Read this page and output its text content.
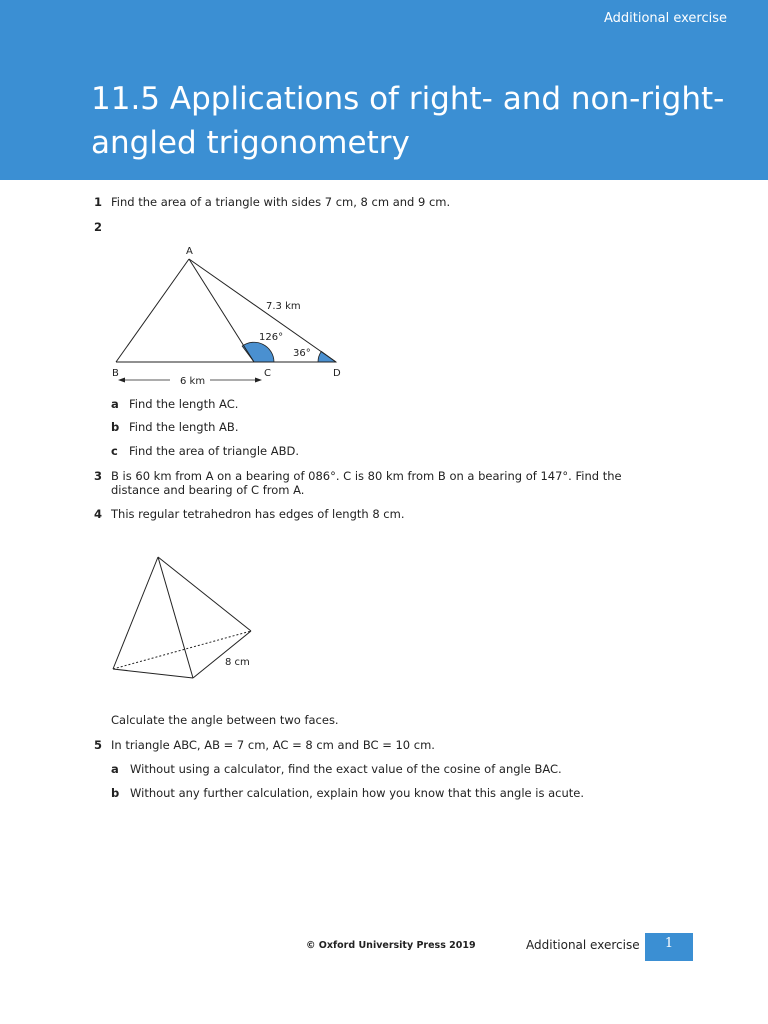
Additional exercise
11.5 Applications of right- and non-right-angled trigonometry
1 Find the area of a triangle with sides 7 cm, 8 cm and 9 cm.
2
A
B	C	D
7.3 km
126°
36°
6 km
a Find the length AC.
b Find the length AB.
c Find the area of triangle ABD.
3 B is 60 km from A on a bearing of 086°. C is 80 km from B on a bearing of 147°. Find the distance and bearing of C from A.
4 This regular tetrahedron has edges of length 8 cm.
8 cm
Calculate the angle between two faces.
5 In triangle ABC, AB = 7 cm, AC = 8 cm and BC = 10 cm.
a Without using a calculator, find the exact value of the cosine of angle BAC.
b Without any further calculation, explain how you know that this angle is acute.
© Oxford University Press 2019	Additional exercise	1
